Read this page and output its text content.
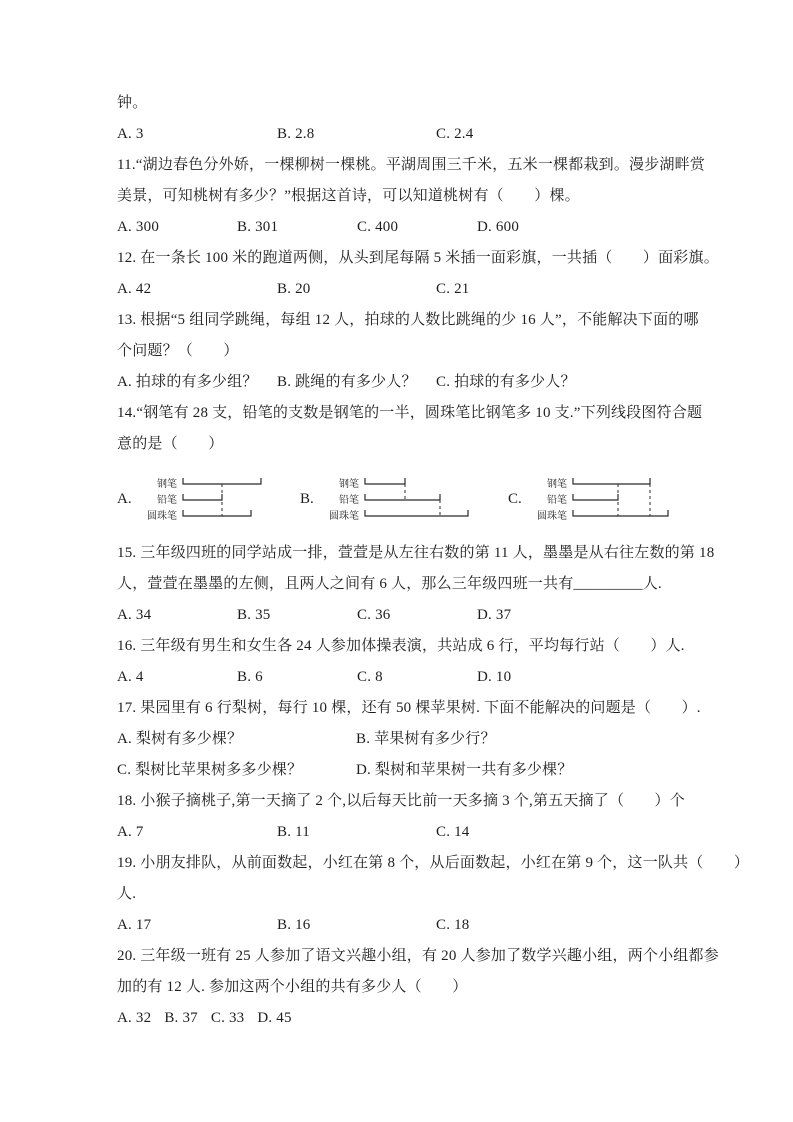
钟。
A. 3	B. 2.8	C. 2.4
11.“湖边春色分外娇，一棵柳树一棵桃。平湖周围三千米，五米一棵都栽到。漫步湖畔赏
美景，可知桃树有多少？”根据这首诗，可以知道桃树有（　　）棵。
A. 300	B. 301	C. 400	D. 600
12. 在一条长 100 米的跑道两侧，从头到尾每隔 5 米插一面彩旗，一共插（　　）面彩旗。
A. 42	B. 20	C. 21
13. 根据“5 组同学跳绳，每组 12 人，拍球的人数比跳绳的少 16 人”，不能解决下面的哪
个问题？（　　）
A. 拍球的有多少组？	B. 跳绳的有多少人？	C. 拍球的有多少人？
14.“钢笔有 28 支，铅笔的支数是钢笔的一半，圆珠笔比钢笔多 10 支.”下列线段图符合题
意的是（　　）
A.
钢笔
铅笔
圆珠笔
B.
钢笔
铅笔
圆珠笔
C.
钢笔
铅笔
圆珠笔
15. 三年级四班的同学站成一排，萱萱是从左往右数的第 11 人，墨墨是从右往左数的第 18
人，萱萱在墨墨的左侧，且两人之间有 6 人，那么三年级四班一共有_________人.
A. 34	B. 35	C. 36	D. 37
16. 三年级有男生和女生各 24 人参加体操表演，共站成 6 行，平均每行站（　　）人.
A. 4	B. 6	C. 8	D. 10
17. 果园里有 6 行梨树，每行 10 棵，还有 50 棵苹果树. 下面不能解决的问题是（　　）.
A. 梨树有多少棵？	B. 苹果树有多少行？
C. 梨树比苹果树多多少棵？	D. 梨树和苹果树一共有多少棵？
18. 小猴子摘桃子,第一天摘了 2 个,以后每天比前一天多摘 3 个,第五天摘了（　　）个
A. 7	B. 11	C. 14
19. 小朋友排队，从前面数起，小红在第 8 个，从后面数起，小红在第 9 个，这一队共（　　）
人.
A. 17	B. 16	C. 18
20. 三年级一班有 25 人参加了语文兴趣小组，有 20 人参加了数学兴趣小组，两个小组都参
加的有 12 人. 参加这两个小组的共有多少人（　　）
A. 32 B. 37 C. 33 D. 45
